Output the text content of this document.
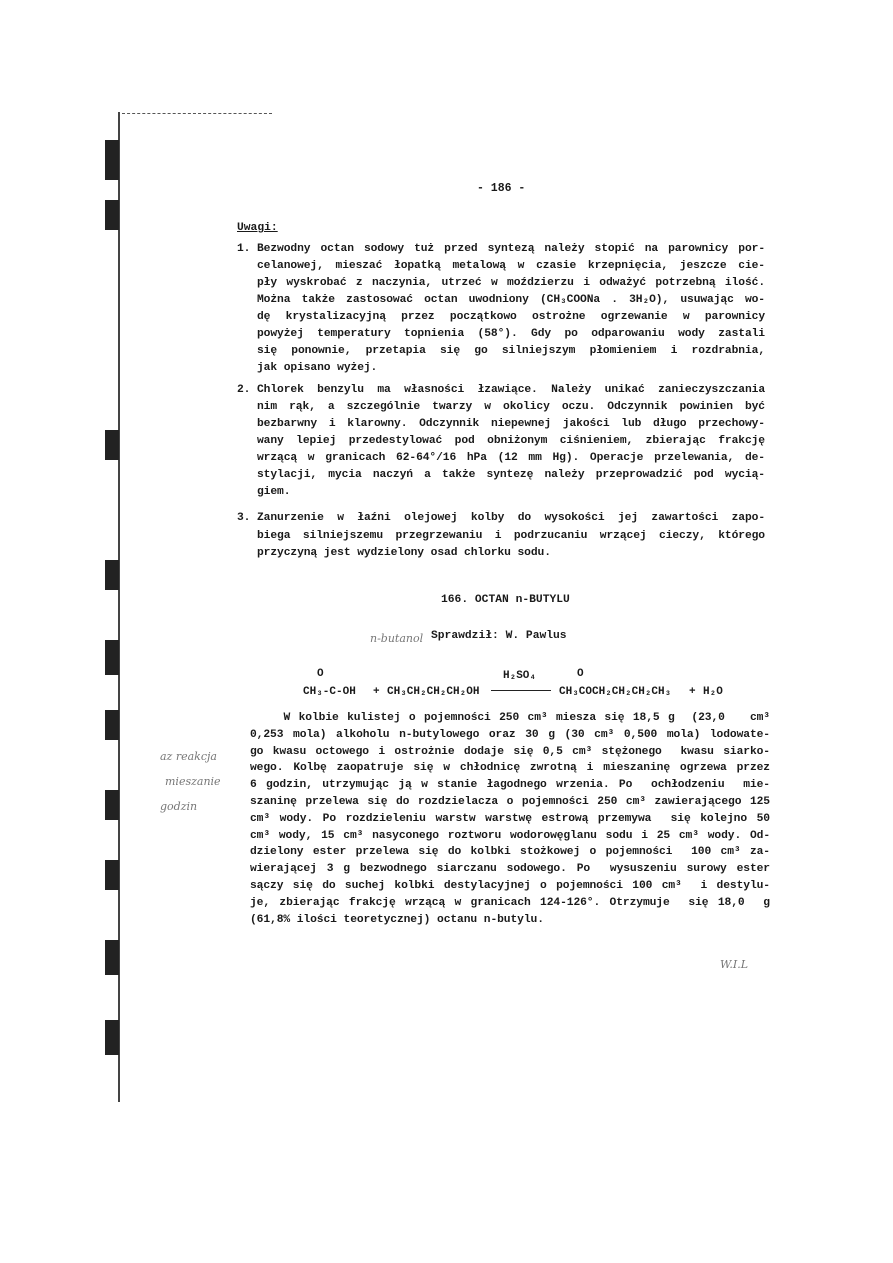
- 186 -
Uwagi:
1. Bezwodny octan sodowy tuż przed syntezą należy stopić na parownicy por-
celanowej, mieszać łopatką metalową w czasie krzepnięcia, jeszcze cie-
pły wyskrobać z naczynia, utrzeć w moździerzu i odważyć potrzebną ilość.
Można także zastosować octan uwodniony (CH₃COONa . 3H₂O), usuwając wo-
dę krystalizacyjną przez początkowo ostrożne ogrzewanie w parownicy
powyżej temperatury topnienia (58°). Gdy po odparowaniu wody zastali
się ponownie, przetapia się go silniejszym płomieniem i rozdrabnia,
jak opisano wyżej.
2. Chlorek benzylu ma własności łzawiące. Należy unikać zanieczyszczania
nim rąk, a szczególnie twarzy w okolicy oczu. Odczynnik powinien być
bezbarwny i klarowny. Odczynnik niepewnej jakości lub długo przechowy-
wany lepiej przedestylować pod obniżonym ciśnieniem, zbierając frakcję
wrzącą w granicach 62-64°/16 hPa (12 mm Hg). Operacje przelewania, de-
stylacji, mycia naczyń a także syntezę należy przeprowadzić pod wycią-
giem.
3. Zanurzenie w łaźni olejowej kolby do wysokości jej zawartości zapo-
biega silniejszemu przegrzewaniu i podrzucaniu wrzącej cieczy, którego
przyczyną jest wydzielony osad chlorku sodu.
166. OCTAN n-BUTYLU
Sprawdził: W. Pawlus
n-butanol
O
CH₃-C-OH + CH₃CH₂CH₂CH₂OH
H₂SO₄	O
CH₃COCH₂CH₂CH₂CH₃ + H₂O
W kolbie kulistej o pojemności 250 cm³ miesza się 18,5 g  (23,0   cm³
0,253 mola) alkoholu n-butylowego oraz 30 g (30 cm³ 0,500 mola) lodowate-
go kwasu octowego i ostrożnie dodaje się 0,5 cm³ stężonego  kwasu siarko-
wego. Kolbę zaopatruje się w chłodnicę zwrotną i mieszaninę ogrzewa przez
6 godzin, utrzymując ją w stanie łagodnego wrzenia. Po  ochłodzeniu  mie-
szaninę przelewa się do rozdzielacza o pojemności 250 cm³ zawierającego 125
cm³ wody. Po rozdzieleniu warstw warstwę estrową przemywa  się kolejno 50
cm³ wody, 15 cm³ nasyconego roztworu wodorowęglanu sodu i 25 cm³ wody. Od-
dzielony ester przelewa się do kolbki stożkowej o pojemności  100 cm³ za-
wierającej 3 g bezwodnego siarczanu sodowego. Po  wysuszeniu surowy ester
sączy się do suchej kolbki destylacyjnej o pojemności 100 cm³  i destylu-
je, zbierając frakcję wrzącą w granicach 124-126°. Otrzymuje  się 18,0  g
(61,8% ilości teoretycznej) octanu n-butylu.
az reakcja
mieszanie
godzin
W.I.L
